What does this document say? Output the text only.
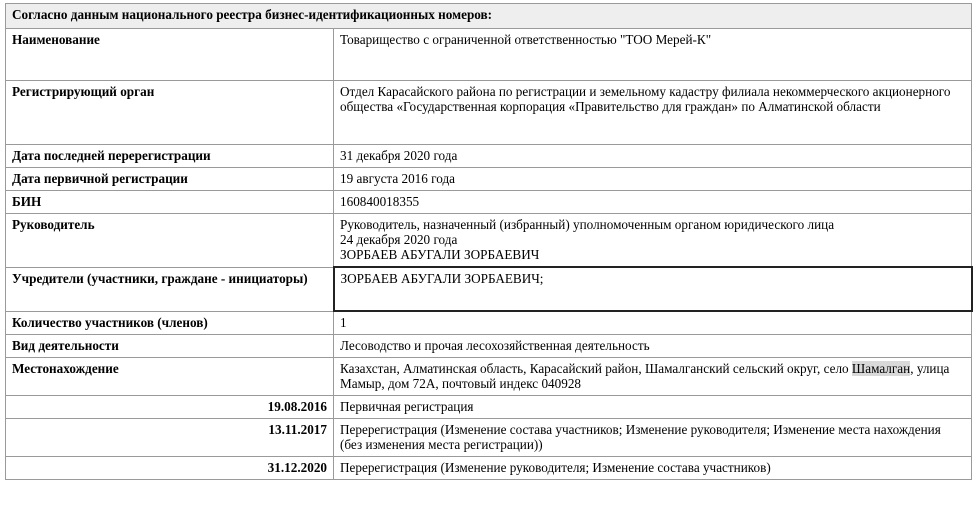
Согласно данным национального реестра бизнес-идентификационных номеров:	
Наименование	Товарищество с ограниченной ответственностью "ТОО Мерей-К"
Регистрирующий орган	Отдел Карасайского района по регистрации и земельному кадастру филиала некоммерческого акционерного общества «Государственная корпорация «Правительство для граждан» по Алматинской области
Дата последней перерегистрации	31 декабря 2020 года
Дата первичной регистрации	19 августа 2016 года
БИН	160840018355
Руководитель	Руководитель, назначенный (избранный) уполномоченным органом юридического лица
24 декабря 2020 года
ЗОРБАЕВ АБУГАЛИ ЗОРБАЕВИЧ

Учредители (участники, граждане - инициаторы)	ЗОРБАЕВ АБУГАЛИ ЗОРБАЕВИЧ;
Количество участников (членов)	1
Вид деятельности	Лесоводство и прочая лесохозяйственная деятельность
Местонахождение	Казахстан, Алматинская область, Карасайский район, Шамалганский сельский округ, село Шамалган, улица Мамыр, дом 72А, почтовый индекс 040928
19.08.2016	Первичная регистрация
13.11.2017	Перерегистрация (Изменение состава участников; Изменение руководителя; Изменение места нахождения (без изменения места регистрации))
31.12.2020	Перерегистрация (Изменение руководителя; Изменение состава участников)
